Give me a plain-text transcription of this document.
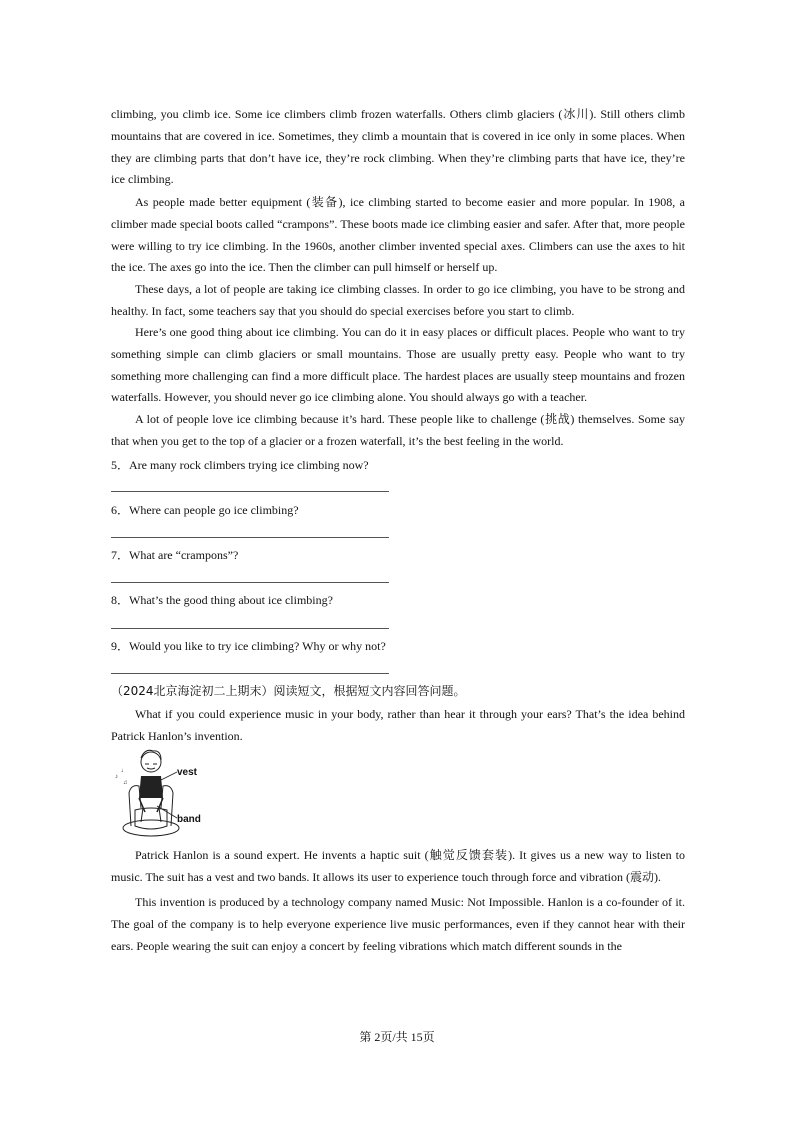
climbing, you climb ice. Some ice climbers climb frozen waterfalls. Others climb glaciers (冰川). Still others climb mountains that are covered in ice. Sometimes, they climb a mountain that is covered in ice only in some places. When they are climbing parts that don’t have ice, they’re rock climbing. When they’re climbing parts that have ice, they’re ice climbing.

As people made better equipment (装备), ice climbing started to become easier and more popular. In 1908, a climber made special boots called “crampons”. These boots made ice climbing easier and safer. After that, more people were willing to try ice climbing. In the 1960s, another climber invented special axes. Climbers can use the axes to hit the ice. The axes go into the ice. Then the climber can pull himself or herself up.

These days, a lot of people are taking ice climbing classes. In order to go ice climbing, you have to be strong and healthy. In fact, some teachers say that you should do special exercises before you start to climb.

Here’s one good thing about ice climbing. You can do it in easy places or difficult places. People who want to try something simple can climb glaciers or small mountains. Those are usually pretty easy. People who want to try something more challenging can find a more difficult place. The hardest places are usually steep mountains and frozen waterfalls. However, you should never go ice climbing alone. You should always go with a teacher.

A lot of people love ice climbing because it’s hard. These people like to challenge (挑战) themselves. Some say that when you get to the top of a glacier or a frozen waterfall, it’s the best feeling in the world.

5．Are many rock climbers trying ice climbing now?
6．Where can people go ice climbing?
7．What are “crampons”?
8．What’s the good thing about ice climbing?
9．Would you like to try ice climbing? Why or why not?
（2024北京海淀初二上期末）阅读短文，根据短文内容回答问题。

What if you could experience music in your body, rather than hear it through your ears? That’s the idea behind Patrick Hanlon’s invention.

♪
♩
♫
vest
band

Patrick Hanlon is a sound expert. He invents a haptic suit (触觉反馈套装). It gives us a new way to listen to music. The suit has a vest and two bands. It allows its user to experience touch through force and vibration (震动).

This invention is produced by a technology company named Music: Not Impossible. Hanlon is a co-founder of it. The goal of the company is to help everyone experience live music performances, even if they cannot hear with their ears. People wearing the suit can enjoy a concert by feeling vibrations which match different sounds in the

第 2页/共 15页
